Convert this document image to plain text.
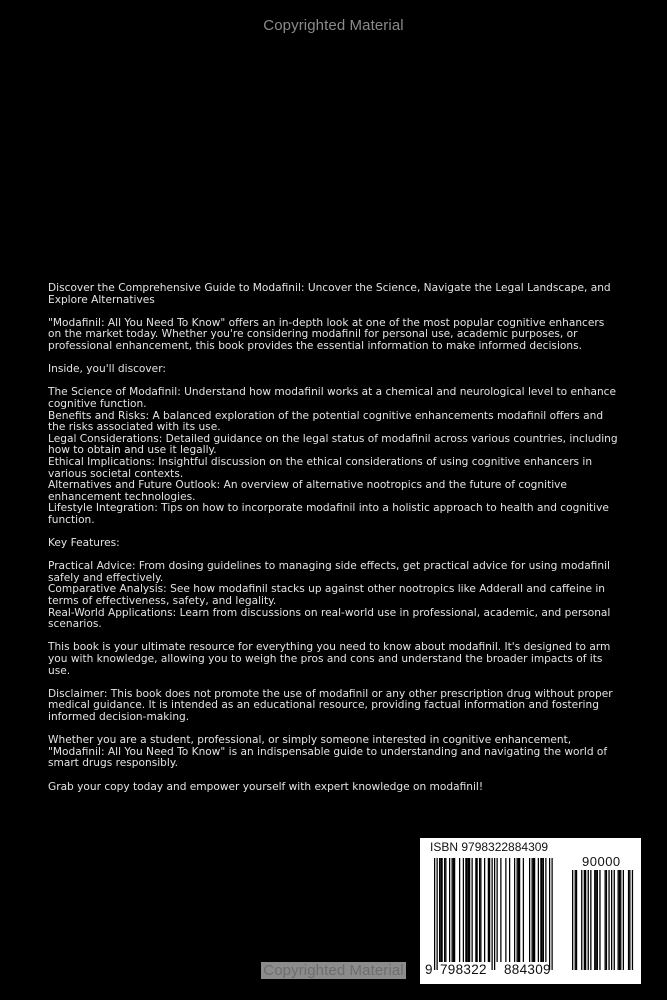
Copyrighted Material

Discover the Comprehensive Guide to Modafinil: Uncover the Science, Navigate the Legal Landscape, and Explore Alternatives

"Modafinil: All You Need To Know" offers an in-depth look at one of the most popular cognitive enhancers on the market today. Whether you're considering modafinil for personal use, academic purposes, or professional enhancement, this book provides the essential information to make informed decisions.

Inside, you'll discover:

The Science of Modafinil: Understand how modafinil works at a chemical and neurological level to enhance cognitive function.
Benefits and Risks: A balanced exploration of the potential cognitive enhancements modafinil offers and the risks associated with its use.
Legal Considerations: Detailed guidance on the legal status of modafinil across various countries, including how to obtain and use it legally.
Ethical Implications: Insightful discussion on the ethical considerations of using cognitive enhancers in various societal contexts.
Alternatives and Future Outlook: An overview of alternative nootropics and the future of cognitive enhancement technologies.
Lifestyle Integration: Tips on how to incorporate modafinil into a holistic approach to health and cognitive function.

Key Features:

Practical Advice: From dosing guidelines to managing side effects, get practical advice for using modafinil safely and effectively.
Comparative Analysis: See how modafinil stacks up against other nootropics like Adderall and caffeine in terms of effectiveness, safety, and legality.
Real-World Applications: Learn from discussions on real-world use in professional, academic, and personal scenarios.

This book is your ultimate resource for everything you need to know about modafinil. It's designed to arm you with knowledge, allowing you to weigh the pros and cons and understand the broader impacts of its use.

Disclaimer: This book does not promote the use of modafinil or any other prescription drug without proper medical guidance. It is intended as an educational resource, providing factual information and fostering informed decision-making.

Whether you are a student, professional, or simply someone interested in cognitive enhancement, "Modafinil: All You Need To Know" is an indispensable guide to understanding and navigating the world of smart drugs responsibly.

Grab your copy today and empower yourself with expert knowledge on modafinil!

ISBN 9798322884309
90000
9 798322 884309
Copyrighted Material
